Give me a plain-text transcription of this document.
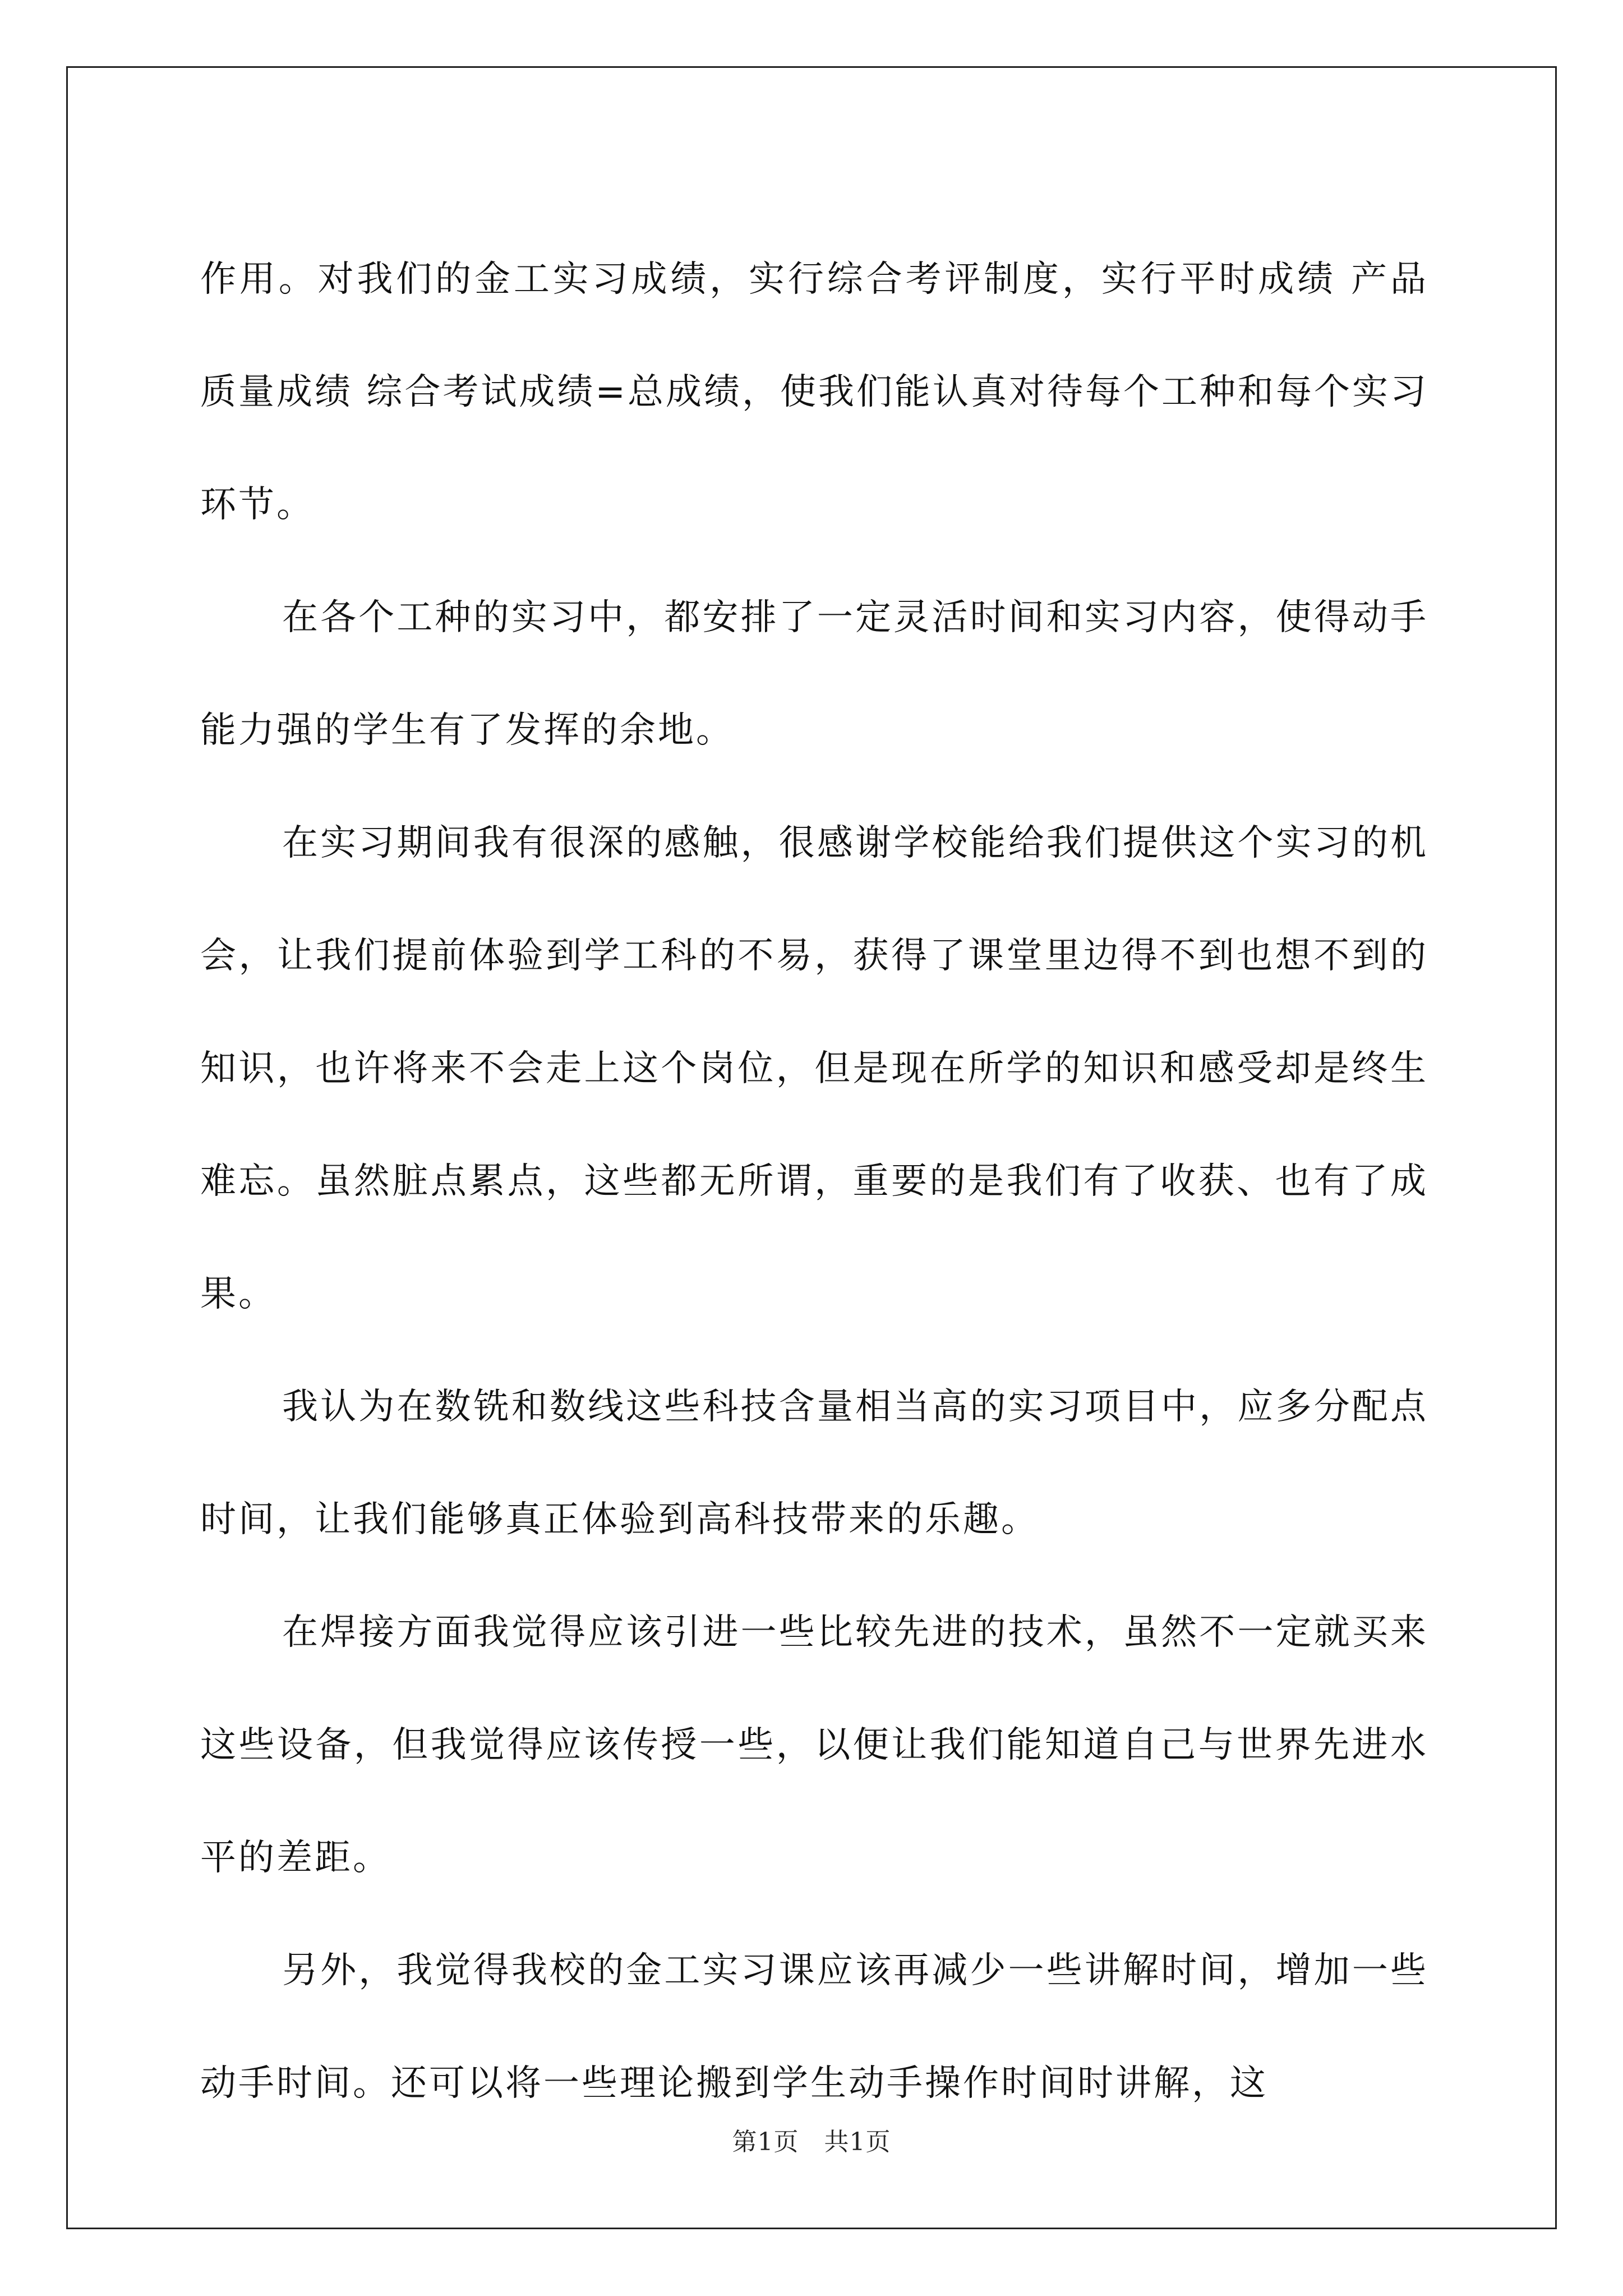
作用。对我们的金工实习成绩，实行综合考评制度，实行平时成绩 产品质量成绩 综合考试成绩=总成绩，使我们能认真对待每个工种和每个实习环节。

在各个工种的实习中，都安排了一定灵活时间和实习内容，使得动手能力强的学生有了发挥的余地。

在实习期间我有很深的感触，很感谢学校能给我们提供这个实习的机会，让我们提前体验到学工科的不易，获得了课堂里边得不到也想不到的知识，也许将来不会走上这个岗位，但是现在所学的知识和感受却是终生难忘。虽然脏点累点，这些都无所谓，重要的是我们有了收获、也有了成果。

我认为在数铣和数线这些科技含量相当高的实习项目中，应多分配点时间，让我们能够真正体验到高科技带来的乐趣。

在焊接方面我觉得应该引进一些比较先进的技术，虽然不一定就买来这些设备，但我觉得应该传授一些，以便让我们能知道自己与世界先进水平的差距。

另外，我觉得我校的金工实习课应该再减少一些讲解时间，增加一些动手时间。还可以将一些理论搬到学生动手操作时间时讲解，这

第1页　共1页
